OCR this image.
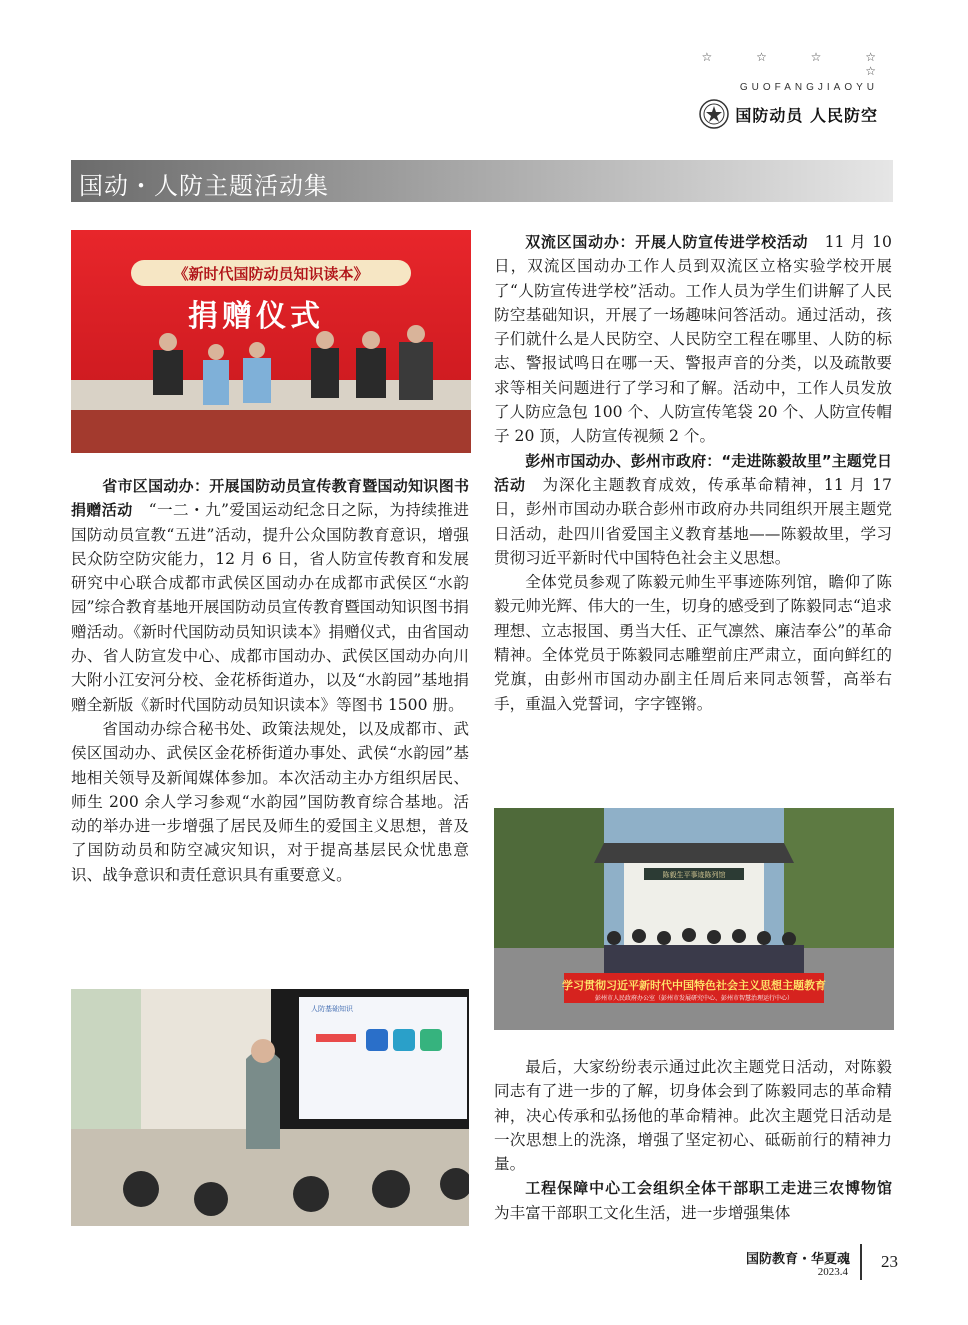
☆ ☆ ☆ ☆ ☆
GUOFANGJIAOYU
国防动员 人民防空
国动・人防主题活动集
《新时代国防动员知识读本》
捐赠仪式

省市区国动办：开展国防动员宣传教育暨国动知识图书捐赠活动　 “一二・九”爱国运动纪念日之际，为持续推进国防动员宣教“五进”活动，提升公众国防教育意识，增强民众防空防灾能力，12 月 6 日，省人防宣传教育和发展研究中心联合成都市武侯区国动办在成都市武侯区“水韵园”综合教育基地开展国防动员宣传教育暨国动知识图书捐赠活动。《新时代国防动员知识读本》捐赠仪式，由省国动办、省人防宣发中心、成都市国动办、武侯区国动办向川大附小江安河分校、金花桥街道办，以及“水韵园”基地捐赠全新版《新时代国防动员知识读本》等图书 1500 册。

省国动办综合秘书处、政策法规处，以及成都市、武侯区国动办、武侯区金花桥街道办事处、武侯“水韵园”基地相关领导及新闻媒体参加。本次活动主办方组织居民、师生 200 余人学习参观“水韵园”国防教育综合基地。活动的举办进一步增强了居民及师生的爱国主义思想，普及了国防动员和防空减灾知识，对于提高基层民众忧患意识、战争意识和责任意识具有重要意义。

人防基础知识

双流区国动办：开展人防宣传进学校活动　 11 月 10 日，双流区国动办工作人员到双流区立格实验学校开展了“人防宣传进学校”活动。工作人员为学生们讲解了人民防空基础知识，开展了一场趣味问答活动。通过活动，孩子们就什么是人民防空、人民防空工程在哪里、人防的标志、警报试鸣日在哪一天、警报声音的分类，以及疏散要求等相关问题进行了学习和了解。活动中，工作人员发放了人防应急包 100 个、人防宣传笔袋 20 个、人防宣传帽子 20 顶，人防宣传视频 2 个。

彭州市国动办、彭州市政府：“走进陈毅故里”主题党日活动　 为深化主题教育成效，传承革命精神，11 月 17 日，彭州市国动办联合彭州市政府办共同组织开展主题党日活动，赴四川省爱国主义教育基地——陈毅故里，学习贯彻习近平新时代中国特色社会主义思想。

全体党员参观了陈毅元帅生平事迹陈列馆，瞻仰了陈毅元帅光辉、伟大的一生，切身的感受到了陈毅同志“追求理想、立志报国、勇当大任、正气凛然、廉洁奉公”的革命精神。全体党员于陈毅同志雕塑前庄严肃立，面向鲜红的党旗，由彭州市国动办副主任周后来同志领誓，高举右手，重温入党誓词，字字铿锵。

陈毅生平事迹陈列馆
学习贯彻习近平新时代中国特色社会主义思想主题教育
彭州市人民政府办公室（彭州市发展研究中心、彭州市智慧治理运行中心）

最后，大家纷纷表示通过此次主题党日活动，对陈毅同志有了进一步的了解，切身体会到了陈毅同志的革命精神，决心传承和弘扬他的革命精神。此次主题党日活动是一次思想上的洗涤，增强了坚定初心、砥砺前行的精神力量。

工程保障中心工会组织全体干部职工走进三农博物馆　为丰富干部职工文化生活，进一步增强集体

国防教育・华夏魂
2023.4
23
